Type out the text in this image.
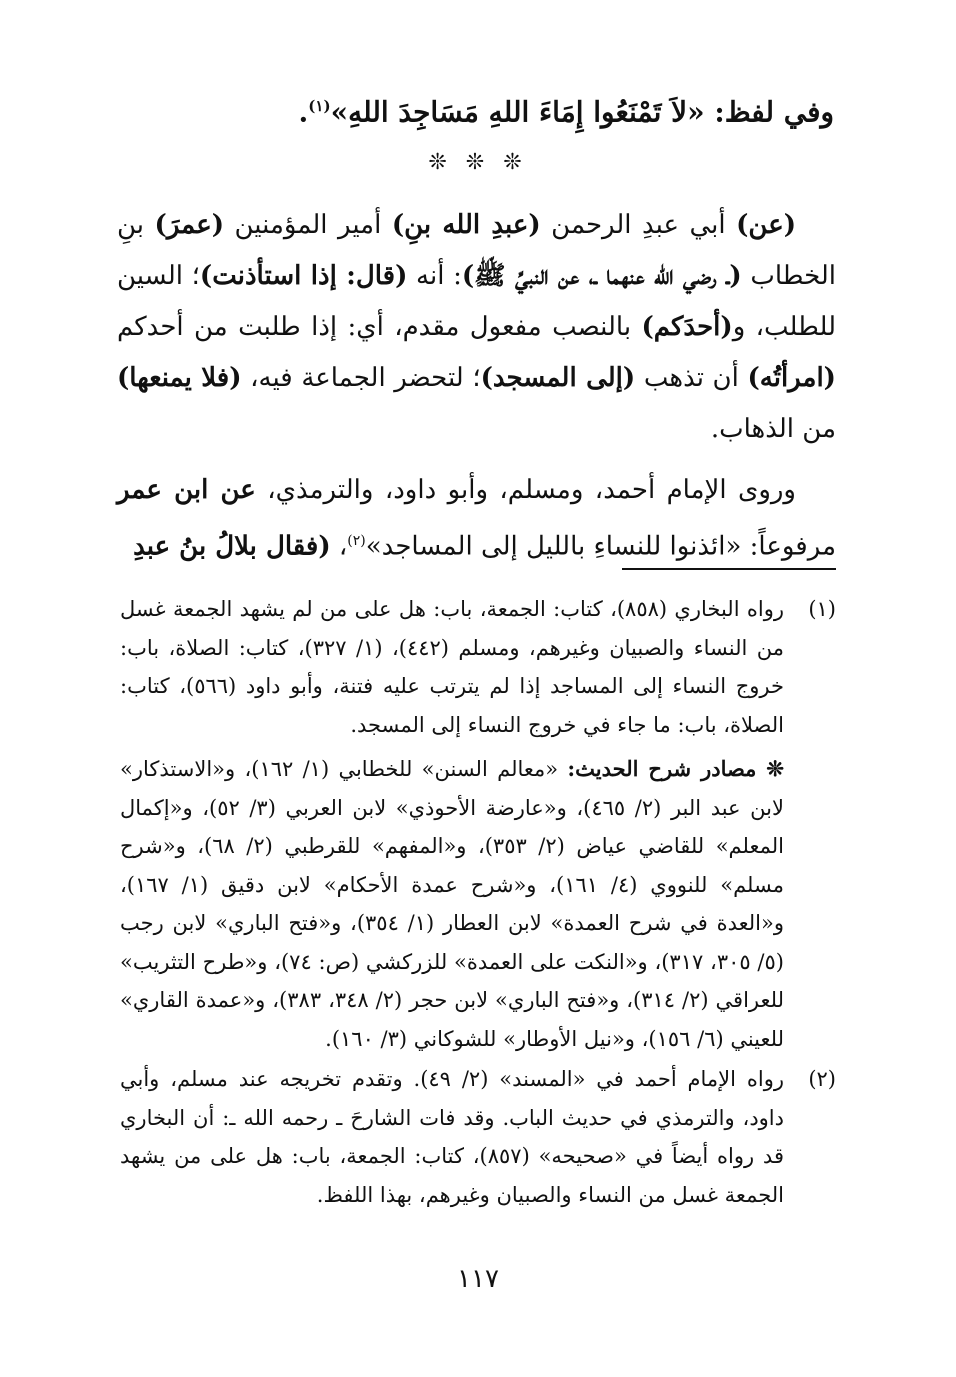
وفي لفظ: «لاَ تَمْنَعُوا إِمَاءَ اللهِ مَسَاجِدَ اللهِ»$^{(١)}$.
❊ ❊ ❊

(عن) أبي عبدِ الرحمن (عبدِ الله بنِ) أمير المؤمنين (عمرَ) بنِ الخطاب (ـ رضي الله عنهما ـ، عن النبيِّ ﷺ): أنه (قال: إذا استأذنت)؛ السين للطلب، و(أحدَكم) بالنصب مفعول مقدم، أي: إذا طلبت من أحدكم (امرأتُه) أن تذهب (إلى المسجد)؛ لتحضر الجماعة فيه، (فلا يمنعها) من الذهاب.

وروى الإمام أحمد، ومسلم، وأبو داود، والترمذي، عن ابن عمر مرفوعاً: «ائذنوا للنساءِ بالليل إلى المساجد»$^{(٢)}$، (فقال بلالُ بنُ عبدِ

(١)

رواه البخاري (٨٥٨)، كتاب: الجمعة، باب: هل على من لم يشهد الجمعة غسل من النساء والصبيان وغيرهم، ومسلم (٤٤٢)، (١/ ٣٢٧)، كتاب: الصلاة، باب: خروج النساء إلى المساجد إذا لم يترتب عليه فتنة، وأبو داود (٥٦٦)، كتاب: الصلاة، باب: ما جاء في خروج النساء إلى المسجد.

❊ مصادر شرح الحديث: «معالم السنن» للخطابي (١/ ١٦٢)، و«الاستذكار» لابن عبد البر (٢/ ٤٦٥)، و«عارضة الأحوذي» لابن العربي (٣/ ٥٢)، و«إكمال المعلم» للقاضي عياض (٢/ ٣٥٣)، و«المفهم» للقرطبي (٢/ ٦٨)، و«شرح مسلم» للنووي (٤/ ١٦١)، و«شرح عمدة الأحكام» لابن دقيق (١/ ١٦٧)، و«العدة في شرح العمدة» لابن العطار (١/ ٣٥٤)، و«فتح الباري» لابن رجب (٥/ ٣٠٥، ٣١٧)، و«النكت على العمدة» للزركشي (ص: ٧٤)، و«طرح التثريب» للعراقي (٢/ ٣١٤)، و«فتح الباري» لابن حجر (٢/ ٣٤٨، ٣٨٣)، و«عمدة القاري» للعيني (٦/ ١٥٦)، و«نيل الأوطار» للشوكاني (٣/ ١٦٠).

(٢)

رواه الإمام أحمد في «المسند» (٢/ ٤٩). وتقدم تخريجه عند مسلم، وأبي داود، والترمذي في حديث الباب. وقد فات الشارحَ ـ رحمه الله ـ: أن البخاري قد رواه أيضاً في «صحيحه» (٨٥٧)، كتاب: الجمعة، باب: هل على من يشهد الجمعة غسل من النساء والصبيان وغيرهم، بهذا اللفظ.

١١٧
